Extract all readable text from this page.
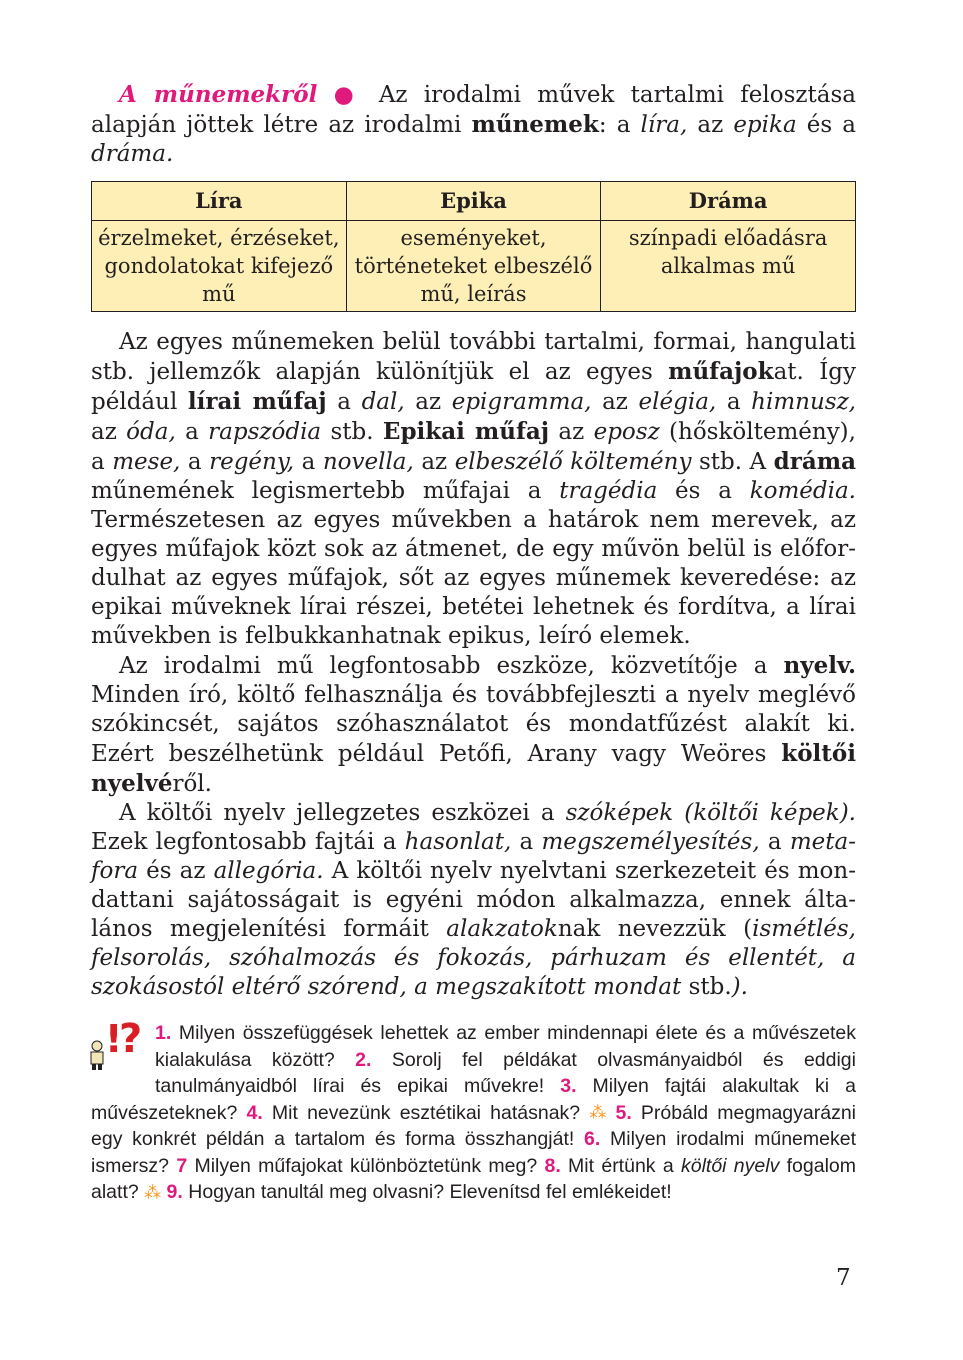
A műnemekről ● Az irodalmi művek tartalmi felosztása alapján jöttek létre az irodalmi műnemek: a líra, az epika és a dráma.

Líra	Epika	Dráma
érzelmeket, érzéseket, gondolatokat kifejező mű	eseményeket, történeteket elbeszélő mű, leírás	színpadi előadásra alkalmas mű

Az egyes műnemeken belül további tartalmi, formai, hangulati stb. jellemzők alapján különítjük el az egyes műfajokat. Így például lírai műfaj a dal, az epigramma, az elégia, a himnusz, az óda, a rapszódia stb. Epikai műfaj az eposz (hősköltemény), a mese, a regény, a novella, az elbeszélő költemény stb. A dráma műnemének legismertebb műfajai a tragédia és a komédia. Természetesen az egyes művekben a határok nem merevek, az egyes műfajok közt sok az átmenet, de egy művön belül is előfordulhat az egyes műfajok, sőt az egyes műnemek keveredése: az epikai műveknek lírai részei, betétei lehetnek és fordítva, a lírai művekben is felbukkanhatnak epikus, leíró elemek.

Az irodalmi mű legfontosabb eszköze, közvetítője a nyelv. Minden író, költő felhasználja és továbbfejleszti a nyelv meglévő szókincsét, sajátos szóhasználatot és mondatfűzést alakít ki. Ezért beszélhetünk például Petőfi, Arany vagy Weöres költői nyelvéről.

A költői nyelv jellegzetes eszközei a szóképek (költői képek). Ezek legfontosabb fajtái a hasonlat, a megszemélyesítés, a metafora és az allegória. A költői nyelv nyelvtani szerkezeteit és mondattani sajátosságait is egyéni módon alkalmazza, ennek általános megjelenítési formáit alakzatoknak nevezzük (ismétlés, felsorolás, szóhalmozás és fokozás, párhuzam és ellentét, a szokásostól eltérő szórend, a megszakított mondat stb.).

!
? 1. Milyen összefüggések lehettek az ember mindennapi élete és a művészetek kialakulása között? 2. Sorolj fel példákat olvasmányaidból és eddigi tanulmányaidból lírai és epikai művekre! 3. Milyen fajtái alakultak ki a művészeteknek? 4. Mit nevezünk esztétikai hatásnak? ⁂ 5. Próbáld megmagyarázni egy konkrét példán a tartalom és forma összhangját! 6. Milyen irodalmi műnemeket ismersz? 7 Milyen műfajokat különböztetünk meg? 8. Mit értünk a költői nyelv fogalom alatt? ⁂ 9. Hogyan tanultál meg olvasni? Elevenítsd fel emlékeidet!
7
